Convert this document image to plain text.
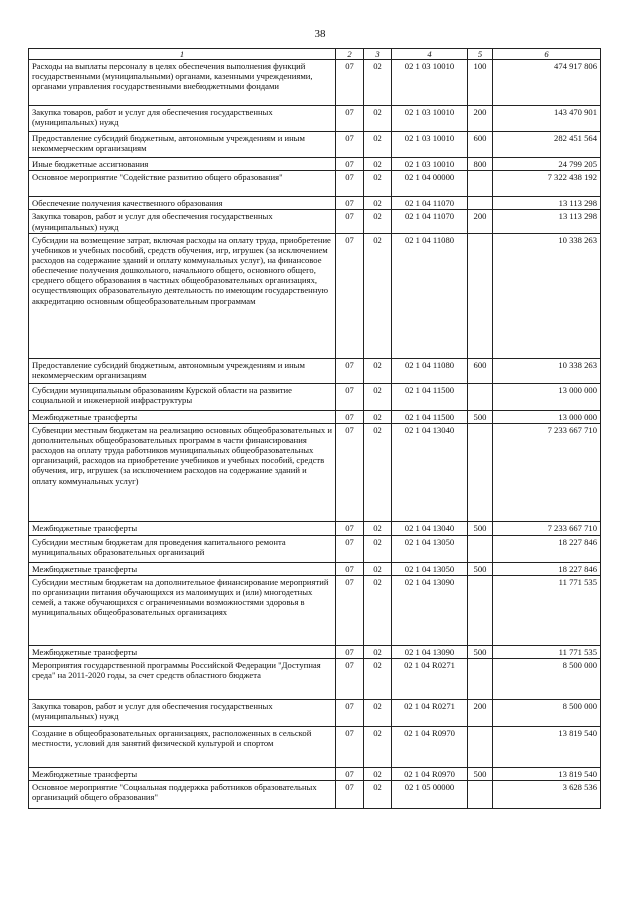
38
1	2	3	4	5	6
Расходы на выплаты персоналу в целях обеспечения выполнения функций государственными (муниципальными) органами, казенными учреждениями, органами управления государственными внебюджетными фондами	07	02	02 1 03 10010	100	474 917 806
Закупка товаров, работ и услуг для обеспечения государственных (муниципальных) нужд	07	02	02 1 03 10010	200	143 470 901
Предоставление субсидий бюджетным, автономным учреждениям и иным некоммерческим организациям	07	02	02 1 03 10010	600	282 451 564
Иные бюджетные ассигнования	07	02	02 1 03 10010	800	24 799 205
Основное мероприятие "Содействие развитию общего образования"	07	02	02 1 04 00000		7 322 438 192
Обеспечение получения качественного образования	07	02	02 1 04 11070		13 113 298
Закупка товаров, работ и услуг для обеспечения государственных (муниципальных) нужд	07	02	02 1 04 11070	200	13 113 298
Субсидии на возмещение затрат, включая расходы на оплату труда, приобретение учебников и учебных пособий, средств обучения, игр, игрушек (за исключением расходов на содержание зданий и оплату коммунальных услуг), на финансовое обеспечение получения дошкольного, начального общего, основного общего, среднего общего образования в частных общеобразовательных организациях, осуществляющих образовательную деятельность по имеющим государственную аккредитацию основным общеобразовательным программам	07	02	02 1 04 11080		10 338 263
Предоставление субсидий бюджетным, автономным учреждениям и иным некоммерческим организациям	07	02	02 1 04 11080	600	10 338 263
Субсидии муниципальным образованиям Курской области на развитие социальной и инженерной инфраструктуры	07	02	02 1 04 11500		13 000 000
Межбюджетные трансферты	07	02	02 1 04 11500	500	13 000 000
Субвенции местным бюджетам на реализацию основных общеобразовательных и дополнительных общеобразовательных программ в части финансирования расходов на оплату труда работников муниципальных общеобразовательных организаций, расходов на приобретение учебников и учебных пособий, средств обучения, игр, игрушек (за исключением расходов на содержание зданий и оплату коммунальных услуг)	07	02	02 1 04 13040		7 233 667 710
Межбюджетные трансферты	07	02	02 1 04 13040	500	7 233 667 710
Субсидии местным бюджетам для проведения капитального ремонта муниципальных образовательных организаций	07	02	02 1 04 13050		18 227 846
Межбюджетные трансферты	07	02	02 1 04 13050	500	18 227 846
Субсидии местным бюджетам на дополнительное финансирование мероприятий по организации питания обучающихся из малоимущих и (или) многодетных семей, а также обучающихся с ограниченными возможностями здоровья в муниципальных общеобразовательных организациях	07	02	02 1 04 13090		11 771 535
Межбюджетные трансферты	07	02	02 1 04 13090	500	11 771 535
Мероприятия государственной программы Российской Федерации "Доступная среда" на 2011-2020 годы, за счет средств областного бюджета	07	02	02 1 04 R0271		8 500 000
Закупка товаров, работ и услуг для обеспечения государственных (муниципальных) нужд	07	02	02 1 04 R0271	200	8 500 000
Создание в общеобразовательных организациях, расположенных в сельской местности, условий для занятий физической культурой и спортом	07	02	02 1 04 R0970		13 819 540
Межбюджетные трансферты	07	02	02 1 04 R0970	500	13 819 540
Основное мероприятие "Социальная поддержка работников образовательных организаций общего образования"	07	02	02 1 05 00000		3 628 536
